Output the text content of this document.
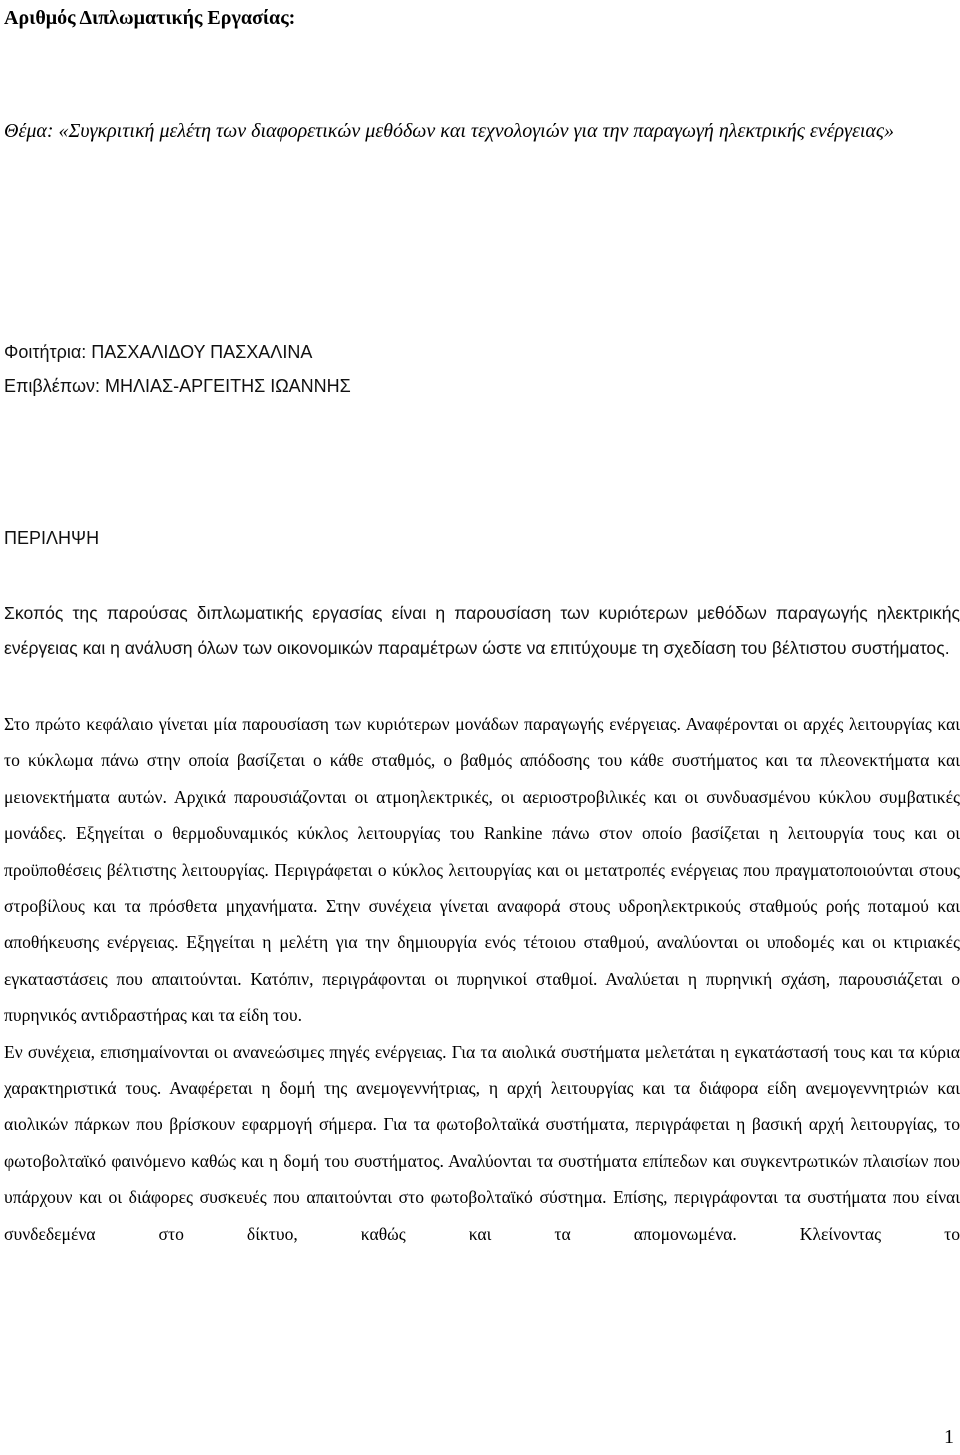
Αριθμός Διπλωματικής Εργασίας:
Θέμα: «Συγκριτική μελέτη των διαφορετικών μεθόδων και τεχνολογιών για την παραγωγή ηλεκτρικής ενέργειας»
Φοιτήτρια: ΠΑΣΧΑΛΙΔΟΥ ΠΑΣΧΑΛΙΝΑ
Επιβλέπων: ΜΗΛΙΑΣ-ΑΡΓΕΙΤΗΣ ΙΩΑΝΝΗΣ
ΠΕΡΙΛΗΨΗ
Σκοπός της παρούσας διπλωματικής εργασίας είναι η παρουσίαση των κυριότερων μεθόδων παραγωγής ηλεκτρικής ενέργειας και η ανάλυση όλων των οικονομικών παραμέτρων ώστε να επιτύχουμε τη σχεδίαση του βέλτιστου συστήματος.

Στο πρώτο κεφάλαιο γίνεται μία παρουσίαση των κυριότερων μονάδων παραγωγής ενέργειας. Αναφέρονται οι αρχές λειτουργίας και το κύκλωμα πάνω στην οποία βασίζεται ο κάθε σταθμός, ο βαθμός απόδοσης του κάθε συστήματος και τα πλεονεκτήματα και μειονεκτήματα αυτών. Αρχικά παρουσιάζονται οι ατμοηλεκτρικές, οι αεριοστροβιλικές και οι συνδυασμένου κύκλου συμβατικές μονάδες. Εξηγείται ο θερμοδυναμικός κύκλος λειτουργίας του Rankine πάνω στον οποίο βασίζεται η λειτουργία τους και οι προϋποθέσεις βέλτιστης λειτουργίας. Περιγράφεται ο κύκλος λειτουργίας και οι μετατροπές ενέργειας που πραγματοποιούνται στους στροβίλους και τα πρόσθετα μηχανήματα. Στην συνέχεια γίνεται αναφορά στους υδροηλεκτρικούς σταθμούς ροής ποταμού και αποθήκευσης ενέργειας. Εξηγείται η μελέτη για την δημιουργία ενός τέτοιου σταθμού, αναλύονται οι υποδομές και οι κτιριακές εγκαταστάσεις που απαιτούνται. Κατόπιν, περιγράφονται οι πυρηνικοί σταθμοί. Αναλύεται η πυρηνική σχάση, παρουσιάζεται ο πυρηνικός αντιδραστήρας και τα είδη του.

Εν συνέχεια, επισημαίνονται οι ανανεώσιμες πηγές ενέργειας. Για τα αιολικά συστήματα μελετάται η εγκατάστασή τους και τα κύρια χαρακτηριστικά τους. Αναφέρεται η δομή της ανεμογεννήτριας, η αρχή λειτουργίας και τα διάφορα είδη ανεμογεννητριών και αιολικών πάρκων που βρίσκουν εφαρμογή σήμερα. Για τα φωτοβολταϊκά συστήματα, περιγράφεται η βασική αρχή λειτουργίας, το φωτοβολταϊκό φαινόμενο καθώς και η δομή του συστήματος. Αναλύονται τα συστήματα επίπεδων και συγκεντρωτικών πλαισίων που υπάρχουν και οι διάφορες συσκευές που απαιτούνται στο φωτοβολταϊκό σύστημα. Επίσης, περιγράφονται τα συστήματα που είναι συνδεδεμένα στο δίκτυο, καθώς και τα απομονωμένα. Κλείνοντας το

1
